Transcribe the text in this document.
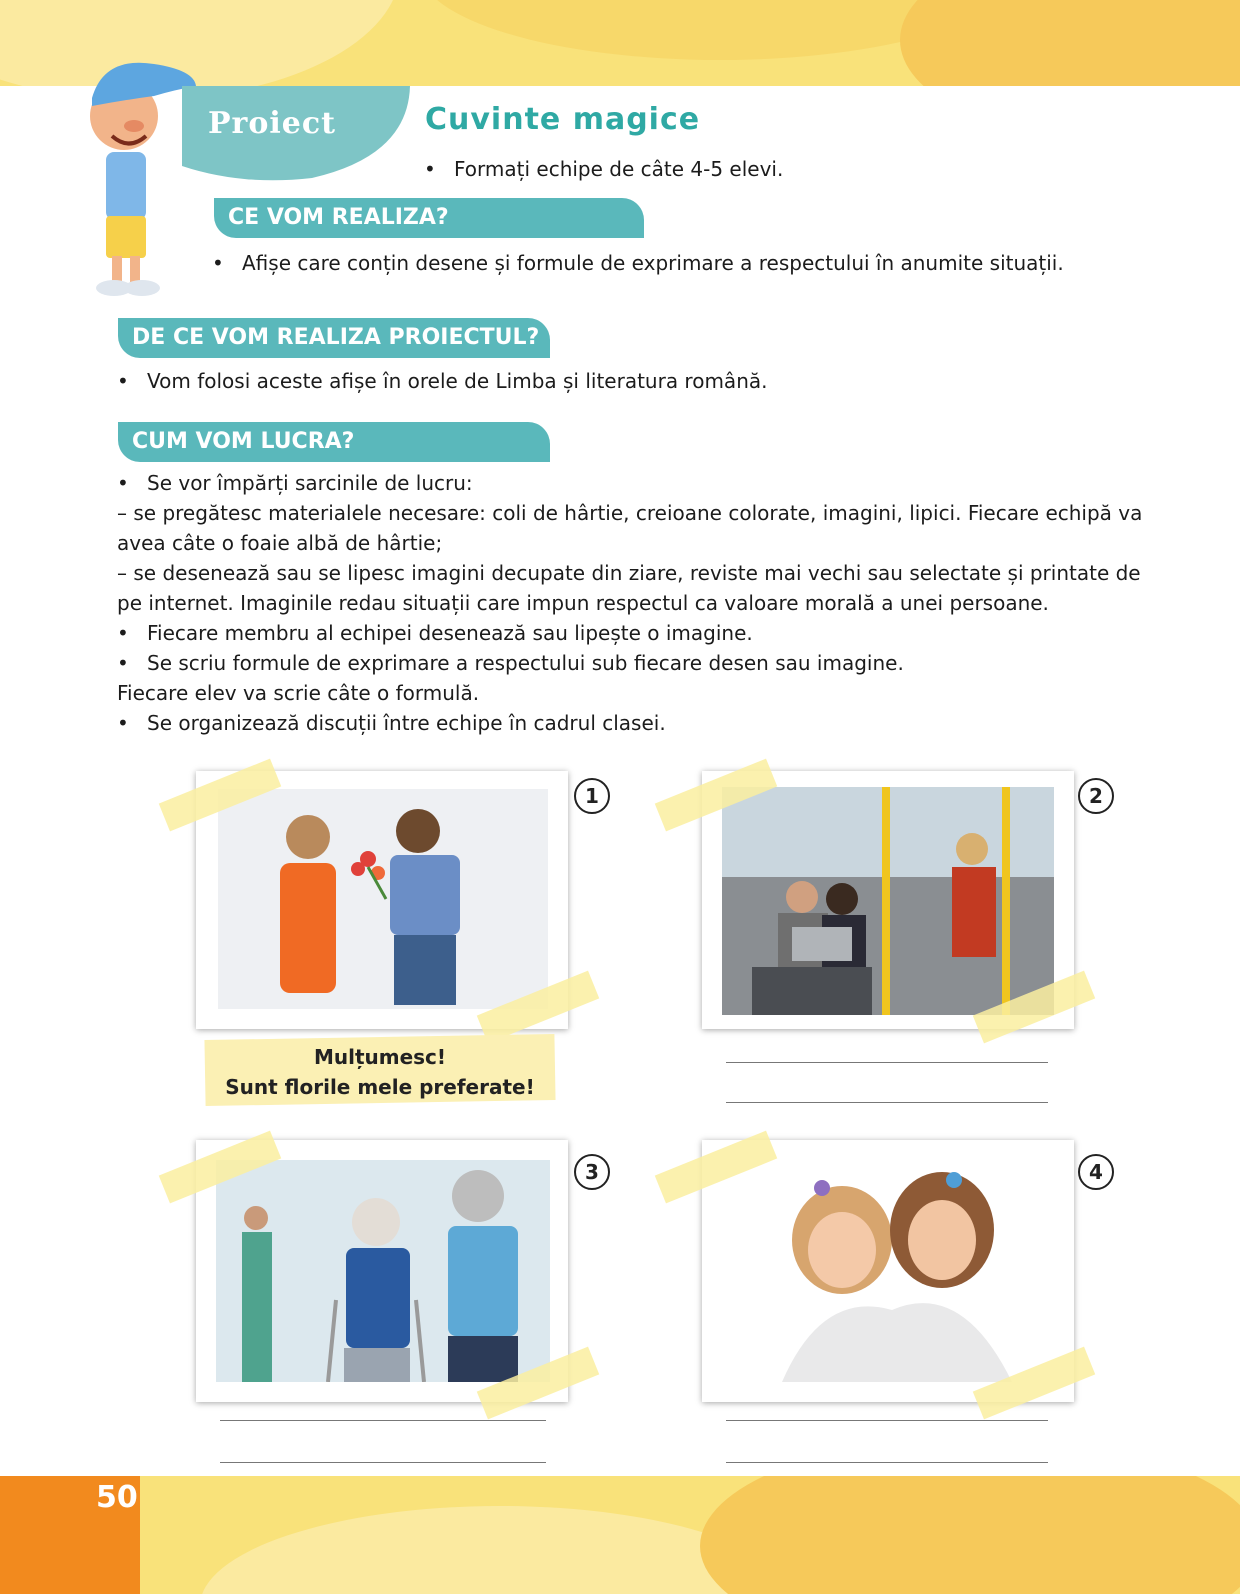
50
Proiect	Cuvinte magice
• Formați echipe de câte 4-5 elevi.
CE VOM REALIZA?
• Afișe care conțin desene și formule de exprimare a respectului în anumite situații.
DE CE VOM REALIZA PROIECTUL?
• Vom folosi aceste afișe în orele de Limba și literatura română.
CUM VOM LUCRA?

• Se vor împărți sarcinile de lucru:

– se pregătesc materialele necesare: coli de hârtie, creioane colorate, imagini, lipici. Fiecare echipă va avea câte o foaie albă de hârtie;

– se desenează sau se lipesc imagini decupate din ziare, reviste mai vechi sau selectate și printate de pe internet. Imaginile redau situații care impun respectul ca valoare morală a unei persoane.

• Fiecare membru al echipei desenează sau lipește o imagine.

• Se scriu formule de exprimare a respectului sub fiecare desen sau imagine.

Fiecare elev va scrie câte o formulă.

• Se organizează discuții între echipe în cadrul clasei.

1
Mulțumesc!
Sunt florile mele preferate!
2
3	4
